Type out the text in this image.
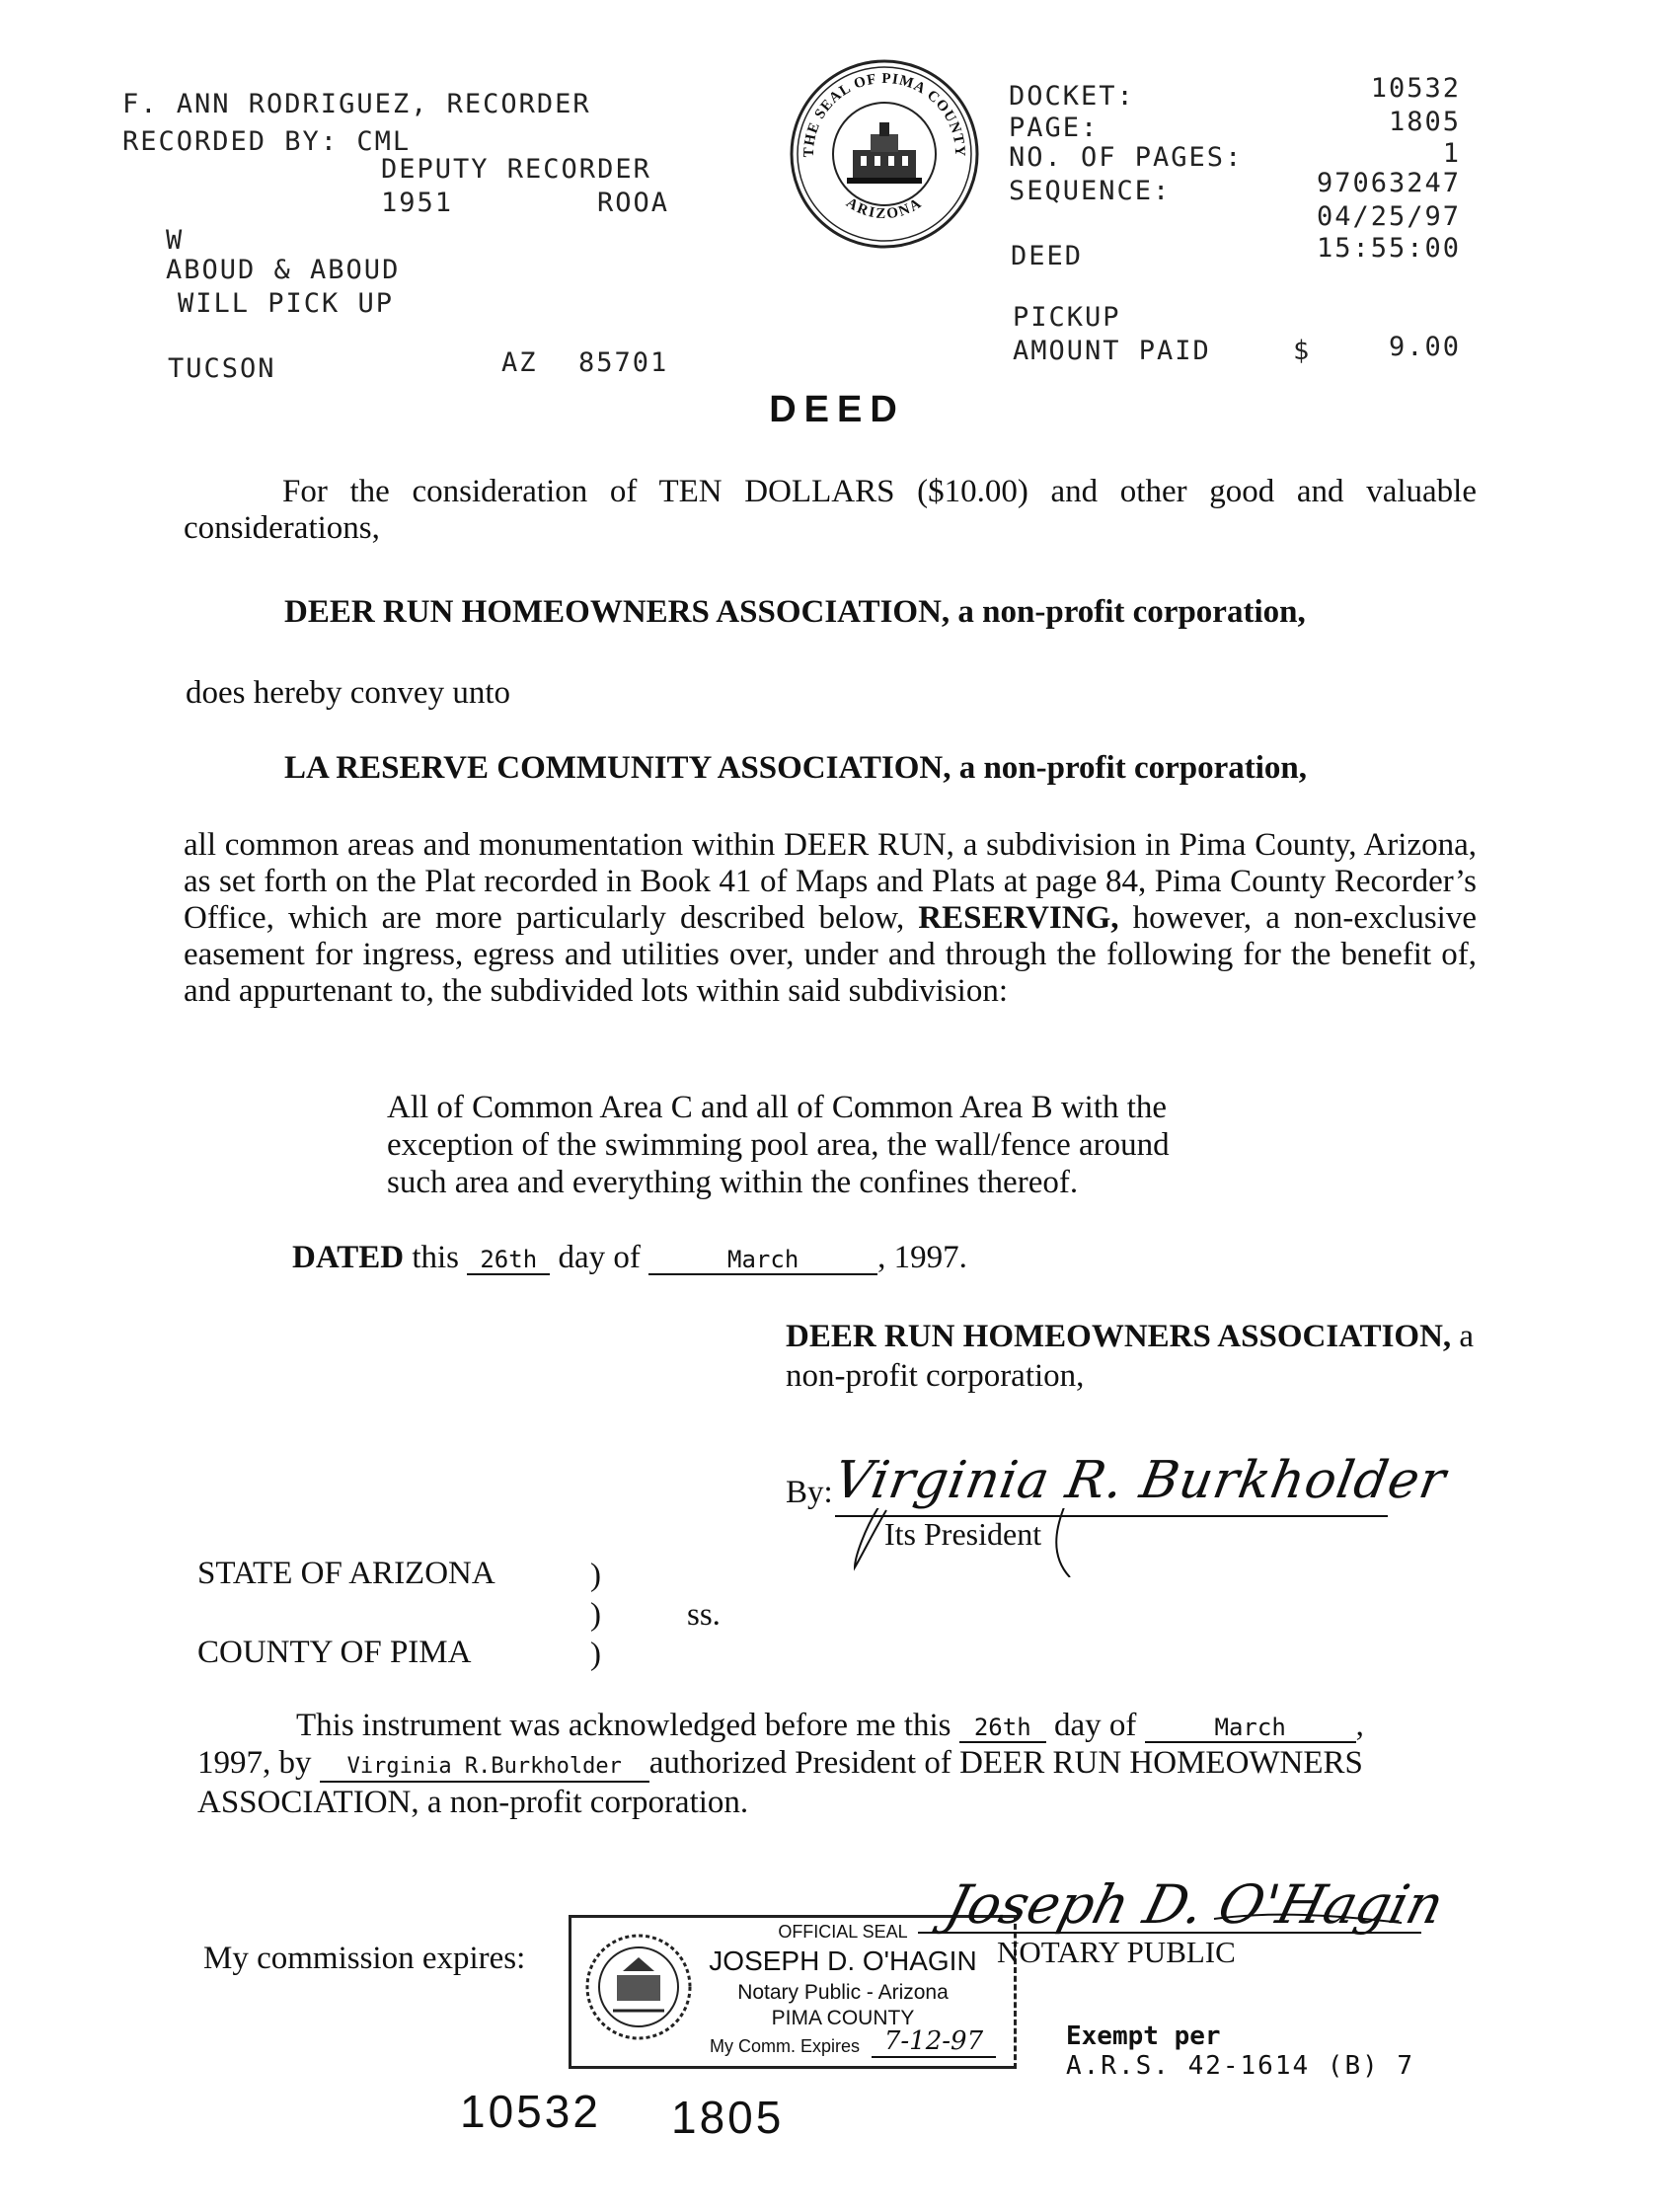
F. ANN RODRIGUEZ, RECORDER
RECORDED BY: CML
DEPUTY RECORDER
1951	ROOA
W
ABOUD & ABOUD
WILL PICK UP
TUCSON	AZ 85701
THE SEAL OF PIMA COUNTY
ARIZONA
DOCKET:	10532
PAGE:	1805
NO. OF PAGES:	1
SEQUENCE:	97063247
04/25/97
DEED	15:55:00
PICKUP
AMOUNT PAID	$	9.00
DEED
For the consideration of TEN DOLLARS ($10.00) and other good and valuable considerations,
DEER RUN HOMEOWNERS ASSOCIATION, a non-profit corporation,
does hereby convey unto
LA RESERVE COMMUNITY ASSOCIATION, a non-profit corporation,
all common areas and monumentation within DEER RUN, a subdivision in Pima County, Arizona, as set forth on the Plat recorded in Book 41 of Maps and Plats at page 84, Pima County Recorder’s Office, which are more particularly described below, RESERVING, however, a non-exclusive easement for ingress, egress and utilities over, under and through the following for the benefit of, and appurtenant to, the subdivided lots within said subdivision:
All of Common Area C and all of Common Area B with the
exception of the swimming pool area, the wall/fence around
such area and everything within the confines thereof.
DATED this 26th day of	March , 1997.
DEER RUN HOMEOWNERS ASSOCIATION, a
non-profit corporation,
By:
Virginia R. Burkholder
Its President
STATE OF ARIZONA	)
)	ss.
COUNTY OF PIMA	)
This instrument was acknowledged before me this 26th day of	March ,
1997, by Virginia R.Burkholder authorized President of DEER RUN HOMEOWNERS
ASSOCIATION, a non-profit corporation.
My commission expires:
OFFICIAL SEAL
JOSEPH D. O'HAGIN
Notary Public - Arizona
PIMA COUNTY
My Comm. Expires 7-12-97
NOTARY PUBLIC
Joseph D. O'Hagin
Exempt per
A.R.S. 42-1614 (B) 7
10532 1805
